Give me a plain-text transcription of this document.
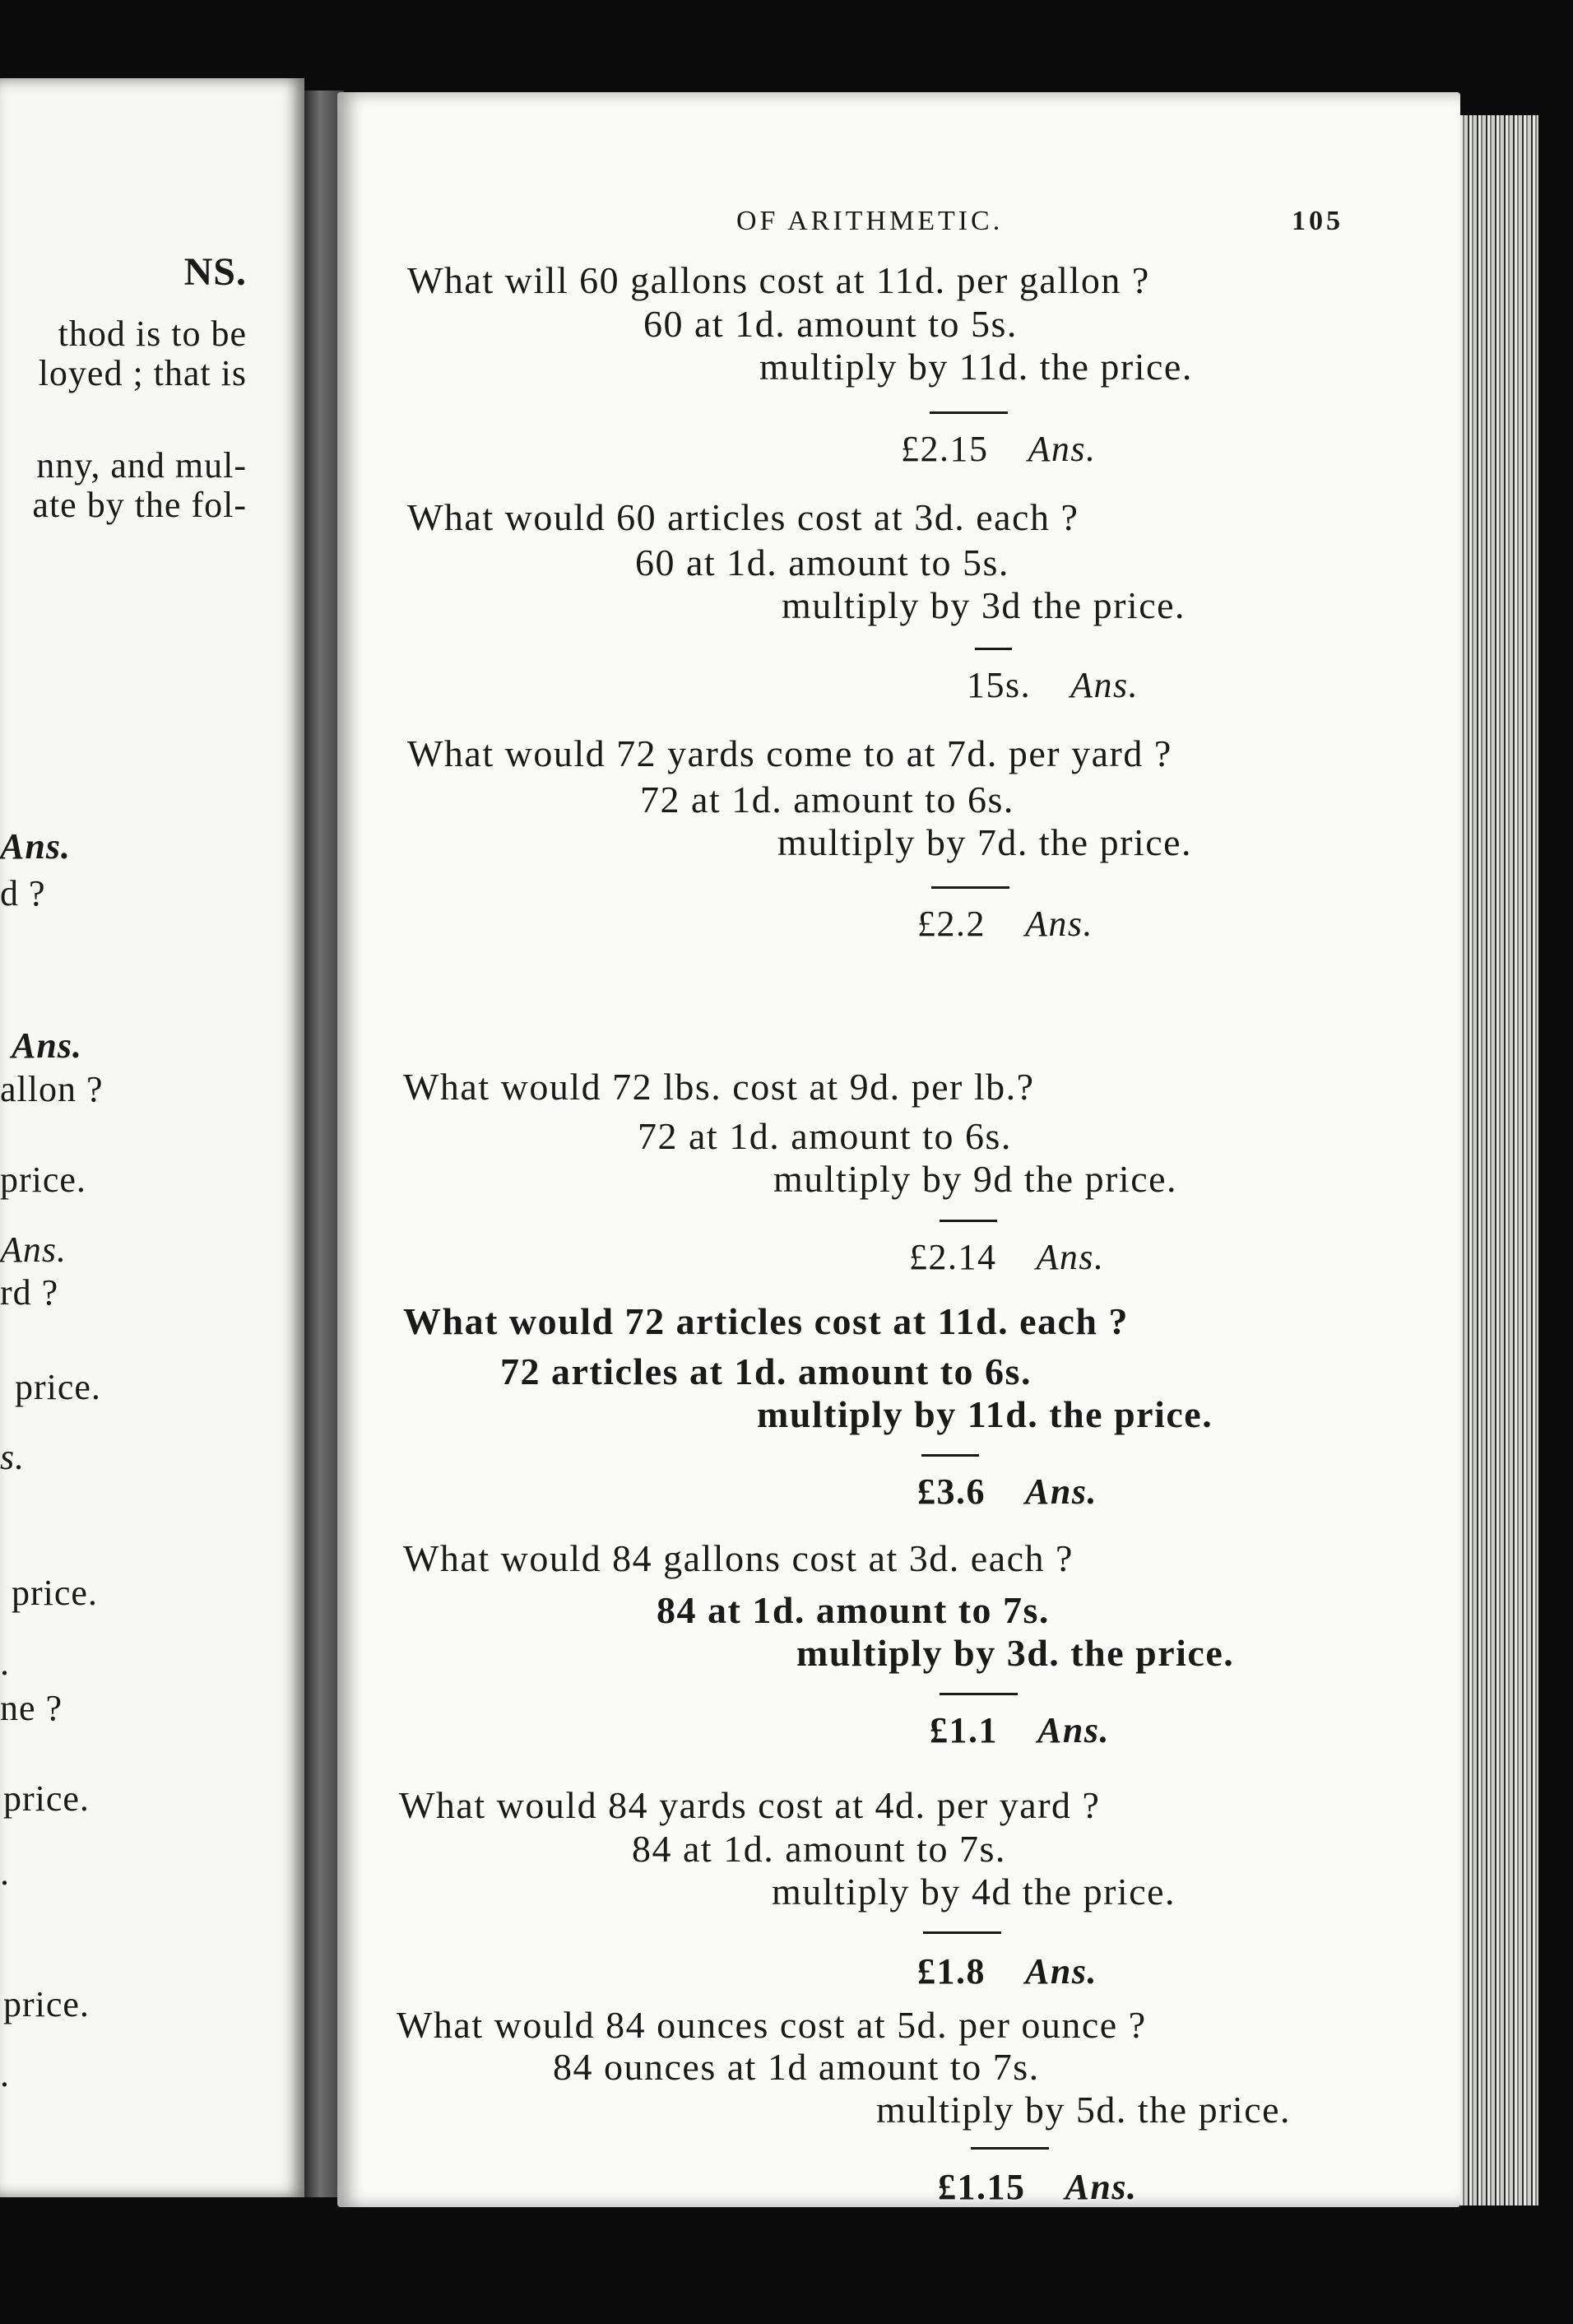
NS.
thod is to be
loyed ; that is
nny, and mul-
ate by the fol-
Ans.
d ?
Ans.
allon ?
price.
Ans.
rd ?
price.
s.
price.
.
ne ?
price.
.
price.
.
OF ARITHMETIC.	105
What will 60 gallons cost at 11d. per gallon ?
60 at 1d. amount to 5s.
multiply by 11d. the price.
£2.15 Ans.
What would 60 articles cost at 3d. each ?
60 at 1d. amount to 5s.
multiply by 3d the price.
15s. Ans.
What would 72 yards come to at 7d. per yard ?
72 at 1d. amount to 6s.
multiply by 7d. the price.
£2.2 Ans.
What would 72 lbs. cost at 9d. per lb.?
72 at 1d. amount to 6s.
multiply by 9d the price.
£2.14 Ans.
What would 72 articles cost at 11d. each ?
72 articles at 1d. amount to 6s.
multiply by 11d. the price.
£3.6 Ans.
What would 84 gallons cost at 3d. each ?
84 at 1d. amount to 7s.
multiply by 3d. the price.
£1.1 Ans.
What would 84 yards cost at 4d. per yard ?
84 at 1d. amount to 7s.
multiply by 4d the price.
£1.8 Ans.
What would 84 ounces cost at 5d. per ounce ?
84 ounces at 1d amount to 7s.
multiply by 5d. the price.
£1.15 Ans.
